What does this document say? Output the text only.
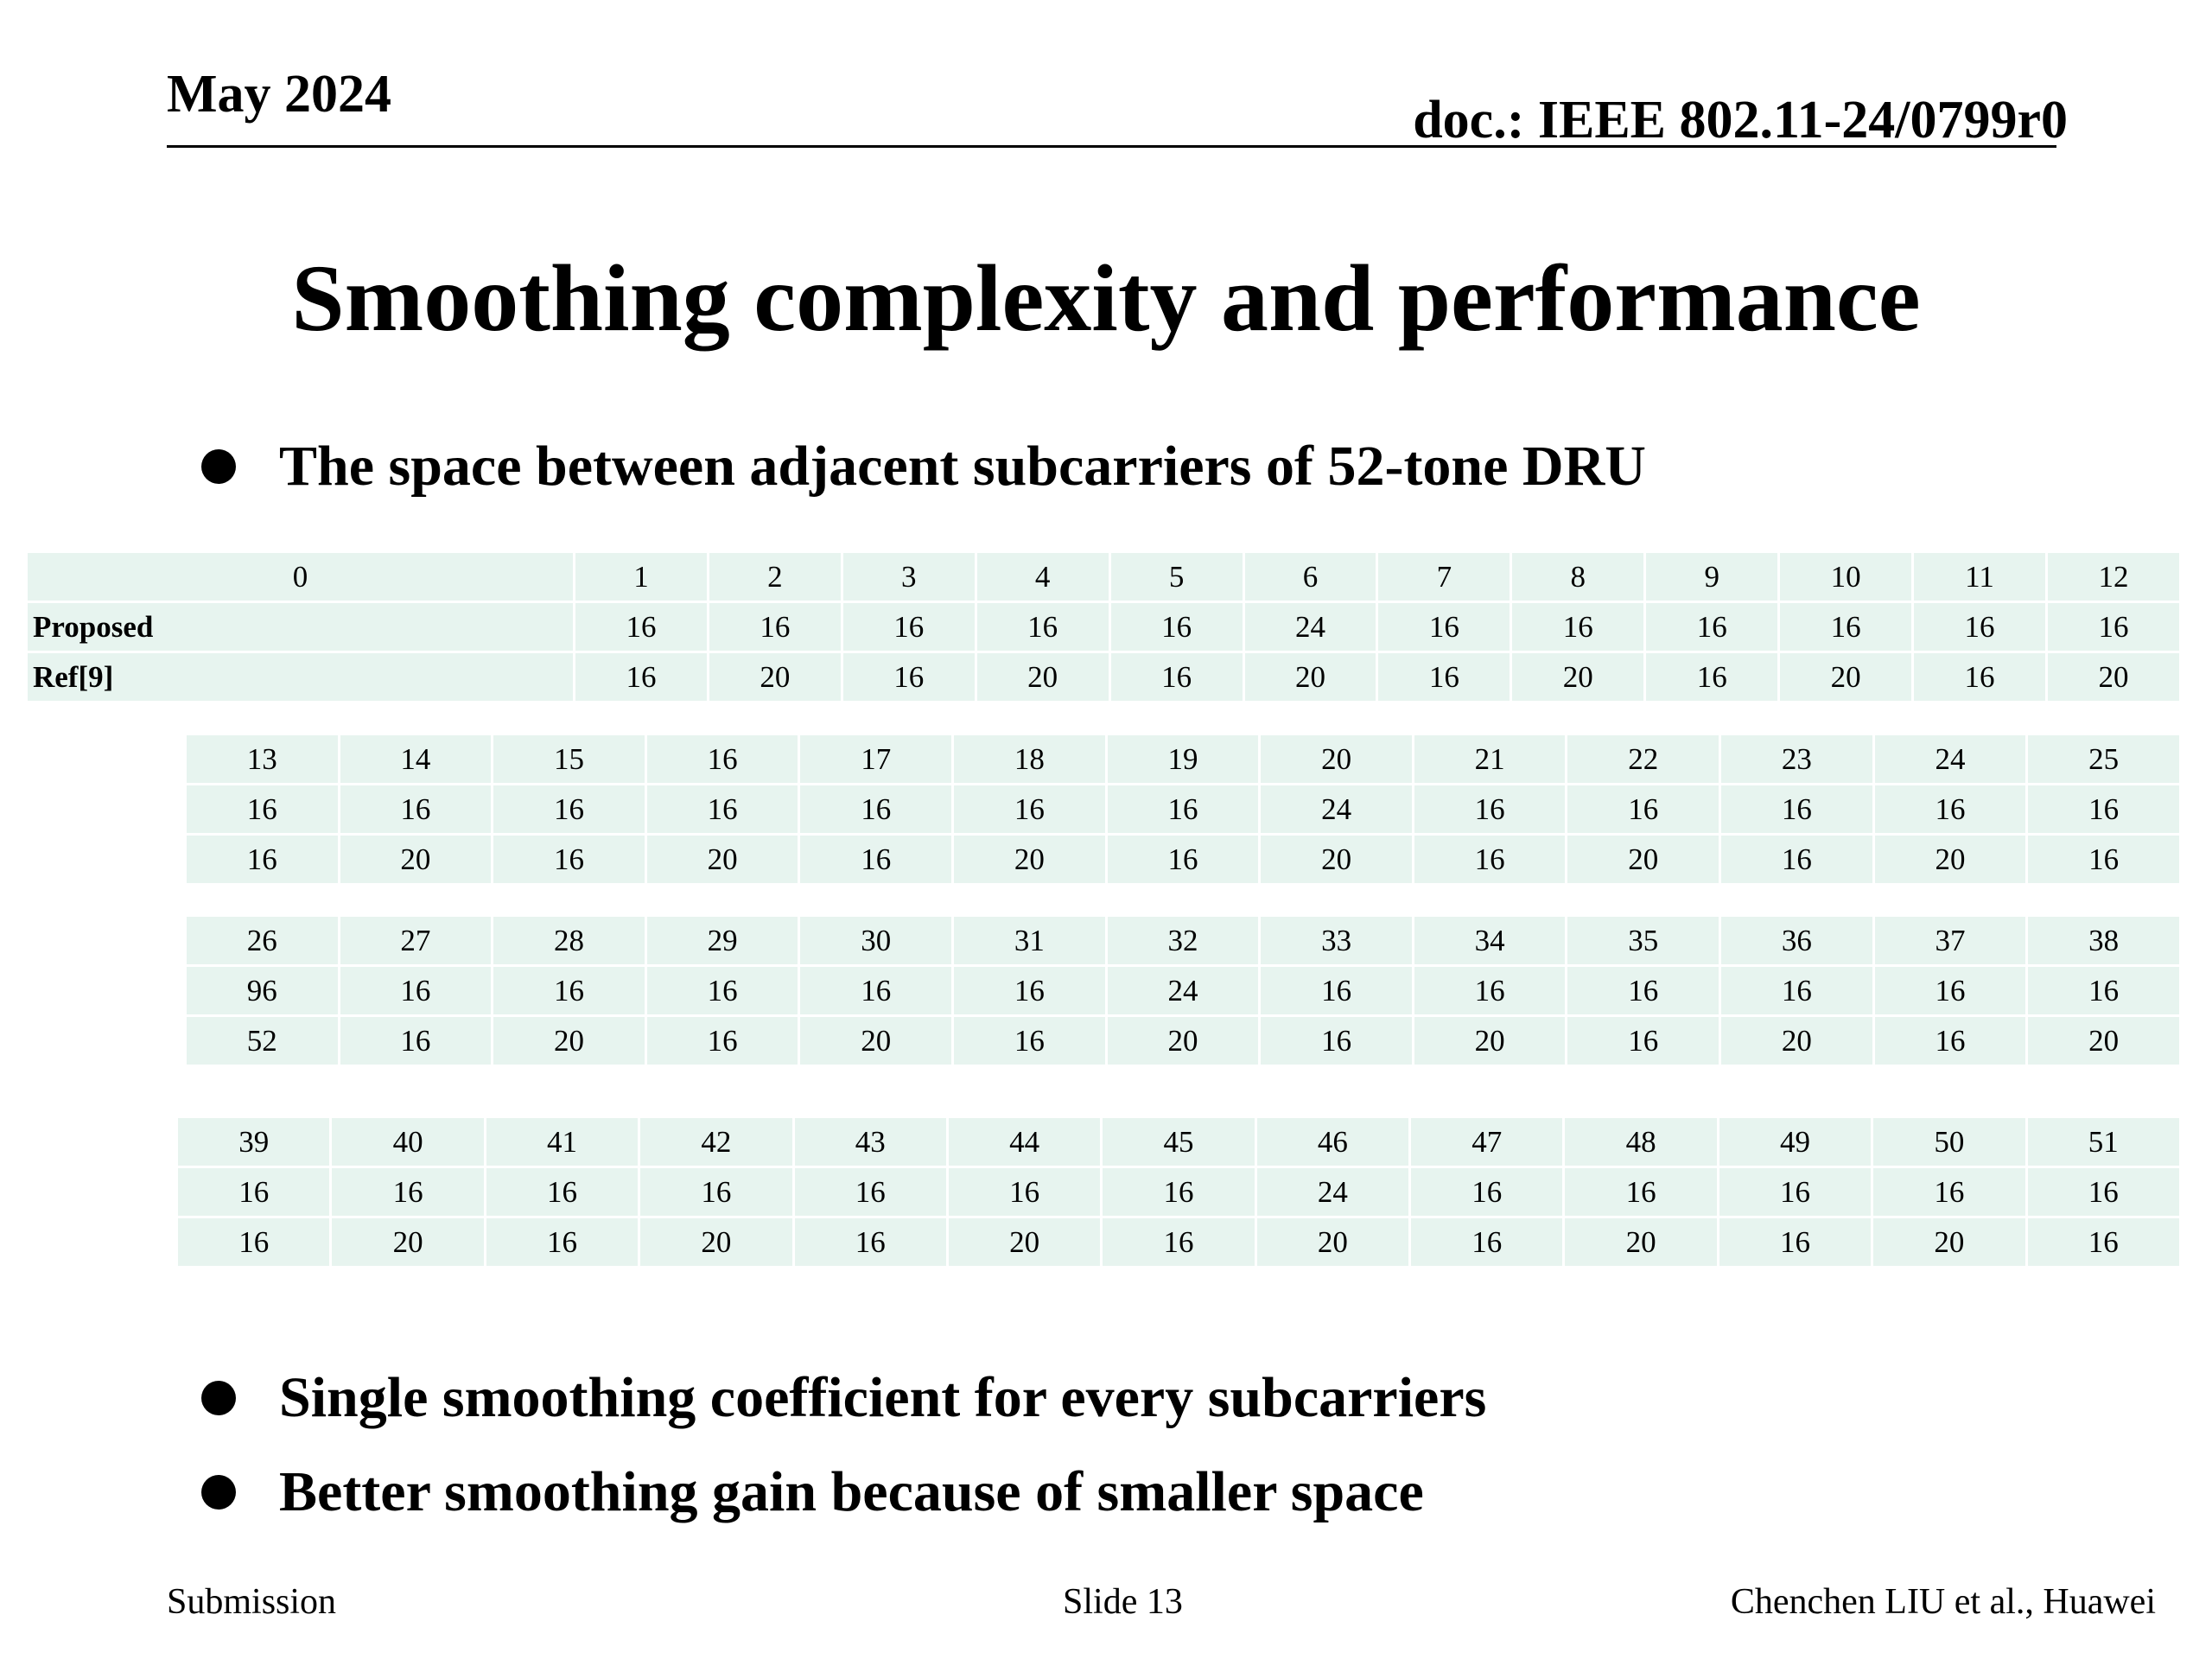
May 2024	doc.: IEEE 802.11-24/0799r0
Smoothing complexity and performance
The space between adjacent subcarriers of 52-tone DRU
0	1	2	3	4	5	6	7	8	9	10	11	12
Proposed	16	16	16	16	16	24	16	16	16	16	16	16
Ref[9]	16	20	16	20	16	20	16	20	16	20	16	20
13	14	15	16	17	18	19	20	21	22	23	24	25
16	16	16	16	16	16	16	24	16	16	16	16	16
16	20	16	20	16	20	16	20	16	20	16	20	16
26	27	28	29	30	31	32	33	34	35	36	37	38
96	16	16	16	16	16	24	16	16	16	16	16	16
52	16	20	16	20	16	20	16	20	16	20	16	20
39	40	41	42	43	44	45	46	47	48	49	50	51
16	16	16	16	16	16	16	24	16	16	16	16	16
16	20	16	20	16	20	16	20	16	20	16	20	16
Single smoothing coefficient for every subcarriers
Better smoothing gain because of smaller space
Submission	Slide 13	Chenchen LIU et al., Huawei
